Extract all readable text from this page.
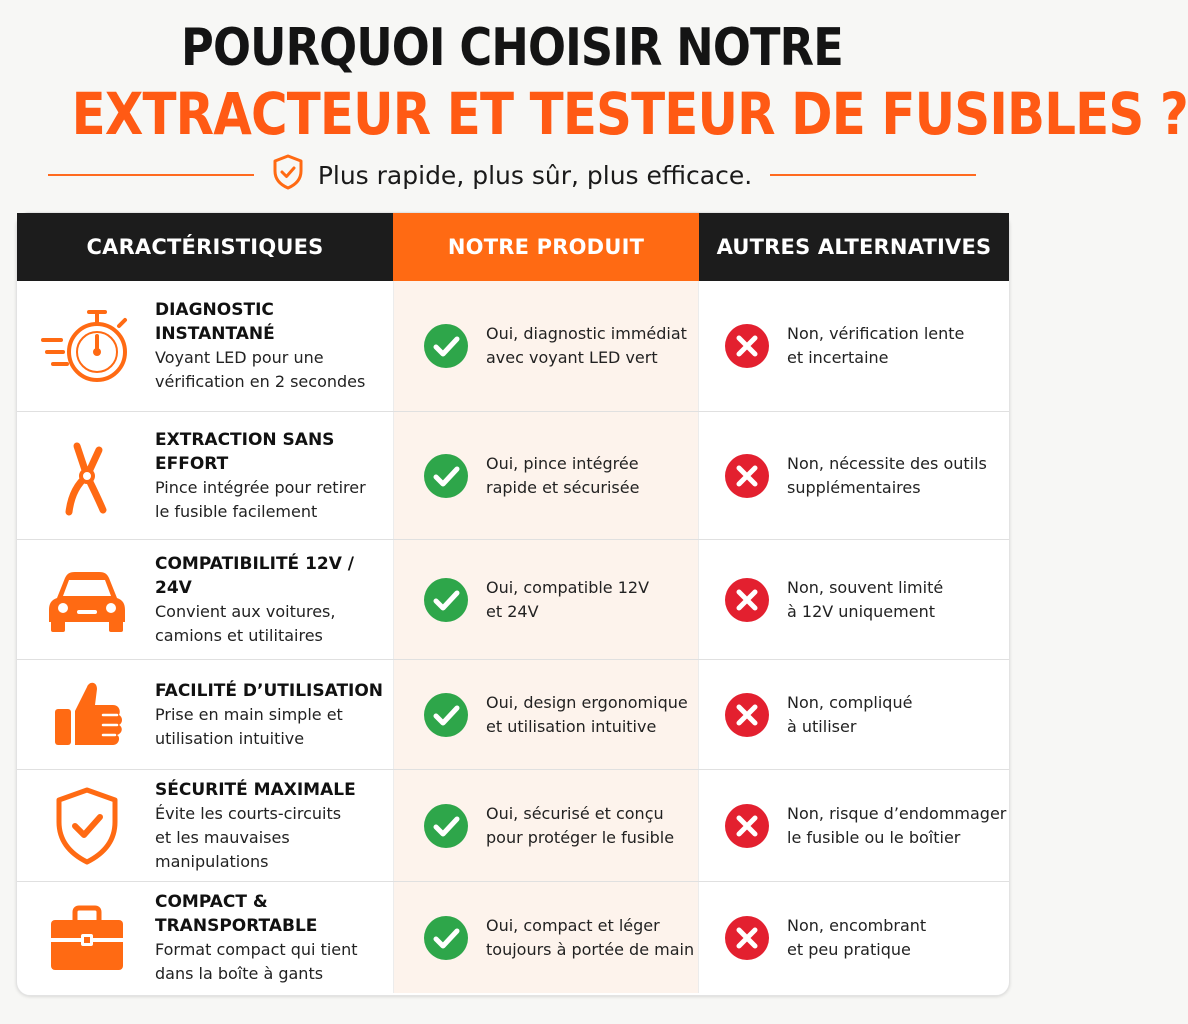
POURQUOI CHOISIR NOTRE
EXTRACTEUR ET TESTEUR DE FUSIBLES ?
Plus rapide, plus sûr, plus efficace.
CARACTÉRISTIQUES	NOTRE PRODUIT	AUTRES ALTERNATIVES
DIAGNOSTIC
INSTANTANÉ
Voyant LED pour une
vérification en 2 secondes
Oui, diagnostic immédiat
avec voyant LED vert
Non, vérification lente
et incertaine
EXTRACTION SANS EFFORT
Pince intégrée pour retirer
le fusible facilement
Oui, pince intégrée
rapide et sécurisée
Non, nécessite des outils
supplémentaires
COMPATIBILITÉ 12V / 24V
Convient aux voitures,
camions et utilitaires
Oui, compatible 12V
et 24V
Non, souvent limité
à 12V uniquement
FACILITÉ D’UTILISATION
Prise en main simple et
utilisation intuitive
Oui, design ergonomique
et utilisation intuitive
Non, compliqué
à utiliser
SÉCURITÉ MAXIMALE
Évite les courts-circuits
et les mauvaises manipulations
Oui, sécurisé et conçu
pour protéger le fusible
Non, risque d’endommager
le fusible ou le boîtier
COMPACT & TRANSPORTABLE
Format compact qui tient
dans la boîte à gants
Oui, compact et léger
toujours à portée de main
Non, encombrant
et peu pratique
